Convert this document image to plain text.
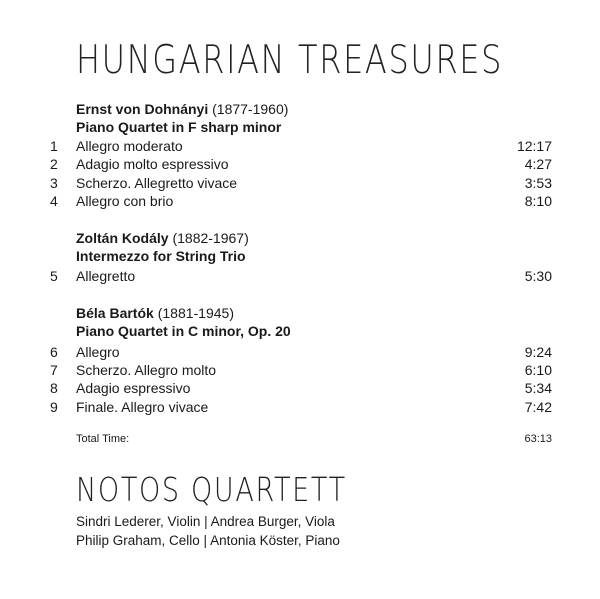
HUNGARIAN TREASURES
Ernst von Dohnányi (1877-1960)
Piano Quartet in F sharp minor
1 Allegro moderato	12:17
2 Adagio molto espressivo	4:27
3 Scherzo. Allegretto vivace	3:53
4 Allegro con brio	8:10
Zoltán Kodály (1882-1967)
Intermezzo for String Trio
5 Allegretto	5:30
Béla Bartók (1881-1945)
Piano Quartet in C minor, Op. 20
6 Allegro	9:24
7 Scherzo. Allegro molto	6:10
8 Adagio espressivo	5:34
9 Finale. Allegro vivace	7:42
Total Time:	63:13
NOTOS QUARTETT
Sindri Lederer, Violin | Andrea Burger, Viola
Philip Graham, Cello | Antonia Köster, Piano
